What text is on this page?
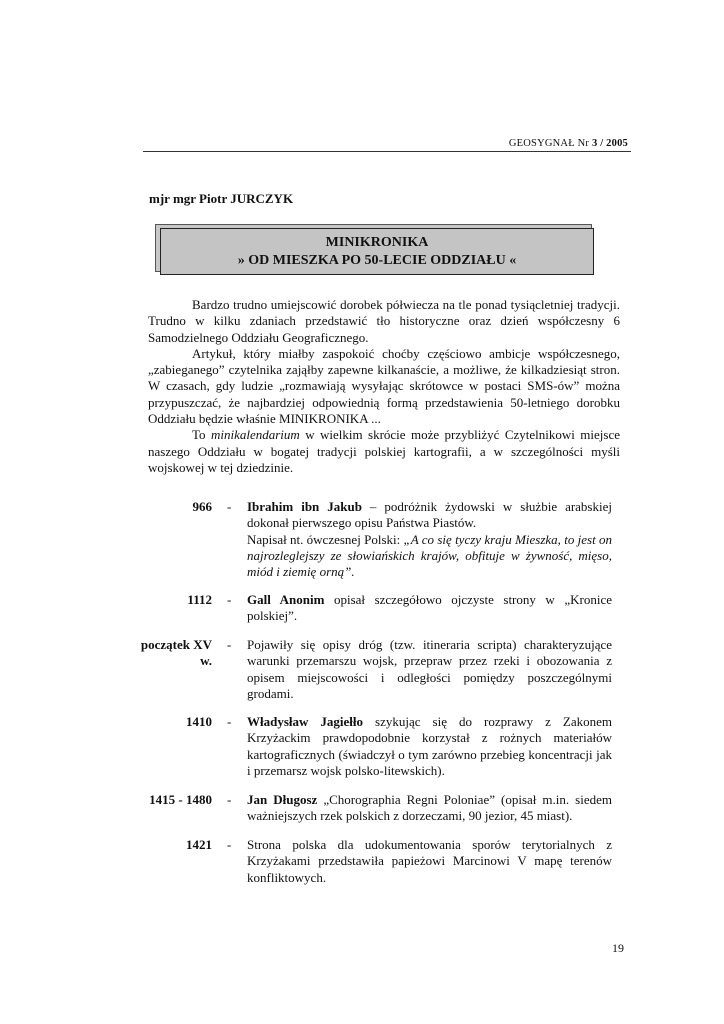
GEOSYGNAŁ Nr 3 / 2005
mjr mgr Piotr JURCZYK
MINIKRONIKA
» OD MIESZKA PO 50-LECIE ODDZIAŁU «

Bardzo trudno umiejscowić dorobek półwiecza na tle ponad tysiącletniej tradycji. Trudno w kilku zdaniach przedstawić tło historyczne oraz dzień współczesny 6 Samodzielnego Oddziału Geograficznego.

Artykuł, który miałby zaspokoić choćby częściowo ambicje współczesnego, „zabieganego” czytelnika zająłby zapewne kilkanaście, a możliwe, że kilkadziesiąt stron. W czasach, gdy ludzie „rozmawiają wysyłając skrótowce w postaci SMS-ów” można przypuszczać, że najbardziej odpowiednią formą przedstawienia 50-letniego dorobku Oddziału będzie właśnie MINIKRONIKA ...

To minikalendarium w wielkim skrócie może przybliżyć Czytelnikowi miejsce naszego Oddziału w bogatej tradycji polskiej kartografii, a w szczególności myśli wojskowej w tej dziedzinie.

966 - Ibrahim ibn Jakub – podróżnik żydowski w służbie arabskiej dokonał pierwszego opisu Państwa Piastów.
Napisał nt. ówczesnej Polski: „A co się tyczy kraju Mieszka, to jest on najrozleglejszy ze słowiańskich krajów, obfituje w żywność, mięso, miód i ziemię orną”.
1112 - Gall Anonim opisał szczegółowo ojczyste strony w „Kronice polskiej”.
początek XV w.
- Pojawiły się opisy dróg (tzw. itineraria scripta) charakteryzujące warunki przemarszu wojsk, przepraw przez rzeki i obozowania z opisem miejscowości i odległości pomiędzy poszczególnymi grodami.
1410 - Władysław Jagiełło szykując się do rozprawy z Zakonem Krzyżackim prawdopodobnie korzystał z rożnych materiałów kartograficznych (świadczył o tym zarówno przebieg koncentracji jak i przemarsz wojsk polsko-litewskich).
1415 - 1480 - Jan Długosz „Chorographia Regni Poloniae” (opisał m.in. siedem ważniejszych rzek polskich z dorzeczami, 90 jezior, 45 miast).
1421 - Strona polska dla udokumentowania sporów terytorialnych z Krzyżakami przedstawiła papieżowi Marcinowi V mapę terenów konfliktowych.
19
